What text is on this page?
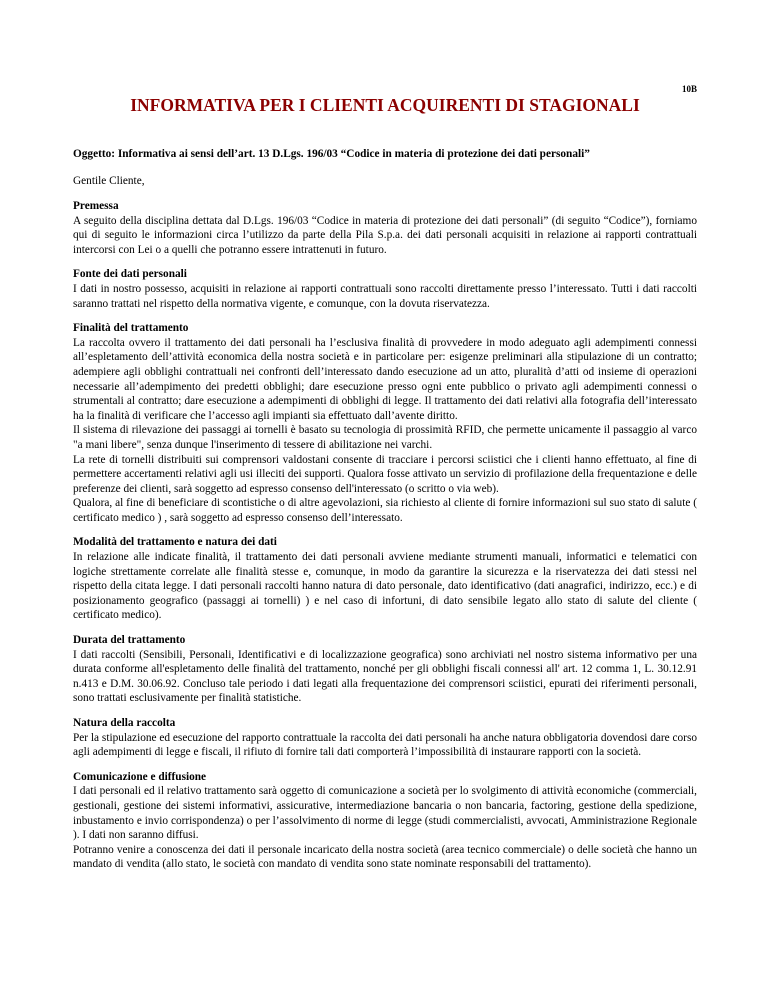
10B
INFORMATIVA PER I CLIENTI ACQUIRENTI DI STAGIONALI

Oggetto: Informativa ai sensi dell’art. 13 D.Lgs. 196/03 “Codice in materia di protezione dei dati personali”

Gentile Cliente,

Premessa

A seguito della disciplina dettata dal D.Lgs. 196/03 “Codice in materia di protezione dei dati personali” (di seguito “Codice”), forniamo qui di seguito le informazioni circa l’utilizzo da parte della Pila S.p.a. dei dati personali acquisiti in relazione ai rapporti contrattuali intercorsi con Lei o a quelli che potranno essere intrattenuti in futuro.

Fonte dei dati personali

I dati in nostro possesso, acquisiti in relazione ai rapporti contrattuali sono raccolti direttamente presso l’interessato. Tutti i dati raccolti saranno trattati nel rispetto della normativa vigente, e comunque, con la dovuta riservatezza.

Finalità del trattamento

La raccolta ovvero il trattamento dei dati personali ha l’esclusiva finalità di provvedere in modo adeguato agli adempimenti connessi all’espletamento dell’attività economica della nostra società e in particolare per: esigenze preliminari alla stipulazione di un contratto; adempiere agli obblighi contrattuali nei confronti dell’interessato dando esecuzione ad un atto, pluralità d’atti od insieme di operazioni necessarie all’adempimento dei predetti obblighi; dare esecuzione presso ogni ente pubblico o privato agli adempimenti connessi o strumentali al contratto; dare esecuzione a adempimenti di obblighi di legge. Il trattamento dei dati relativi alla fotografia dell’interessato ha la finalità di verificare che l’accesso agli impianti sia effettuato dall’avente diritto.

Il sistema di rilevazione dei passaggi ai tornelli è basato su tecnologia di prossimità RFID, che permette unicamente il passaggio al varco "a mani libere", senza dunque l'inserimento di tessere di abilitazione nei varchi.

La rete di tornelli distribuiti sui comprensori valdostani consente di tracciare i percorsi sciistici che i clienti hanno effettuato, al fine di permettere accertamenti relativi agli usi illeciti dei supporti. Qualora fosse attivato un servizio di profilazione della frequentazione e delle preferenze dei clienti, sarà soggetto ad espresso consenso dell'interessato (o scritto o via web).

Qualora, al fine di beneficiare di scontistiche o di altre agevolazioni, sia richiesto al cliente di fornire informazioni sul suo stato di salute ( certificato medico ) , sarà soggetto ad espresso consenso dell’interessato.

Modalità del trattamento e natura dei dati

In relazione alle indicate finalità, il trattamento dei dati personali avviene mediante strumenti manuali, informatici e telematici con logiche strettamente correlate alle finalità stesse e, comunque, in modo da garantire la sicurezza e la riservatezza dei dati stessi nel rispetto della citata legge. I dati personali raccolti hanno natura di dato personale, dato identificativo (dati anagrafici, indirizzo, ecc.) e di posizionamento geografico (passaggi ai tornelli) ) e nel caso di infortuni, di dato sensibile legato allo stato di salute del cliente ( certificato medico).

Durata del trattamento

I dati raccolti (Sensibili, Personali, Identificativi e di localizzazione geografica) sono archiviati nel nostro sistema informativo per una durata conforme all'espletamento delle finalità del trattamento, nonché per gli obblighi fiscali connessi all' art. 12 comma 1, L. 30.12.91 n.413 e D.M. 30.06.92. Concluso tale periodo i dati legati alla frequentazione dei comprensori sciistici, epurati dei riferimenti personali, sono trattati esclusivamente per finalità statistiche.

Natura della raccolta

Per la stipulazione ed esecuzione del rapporto contrattuale la raccolta dei dati personali ha anche natura obbligatoria dovendosi dare corso agli adempimenti di legge e fiscali, il rifiuto di fornire tali dati comporterà l’impossibilità di instaurare rapporti con la società.

Comunicazione e diffusione

I dati personali ed il relativo trattamento sarà oggetto di comunicazione a società per lo svolgimento di attività economiche (commerciali, gestionali, gestione dei sistemi informativi, assicurative, intermediazione bancaria o non bancaria, factoring, gestione della spedizione, inbustamento e invio corrispondenza) o per l’assolvimento di norme di legge (studi commercialisti, avvocati, Amministrazione Regionale ). I dati non saranno diffusi.

Potranno venire a conoscenza dei dati il personale incaricato della nostra società (area tecnico commerciale) o delle società che hanno un mandato di vendita (allo stato, le società con mandato di vendita sono state nominate responsabili del trattamento).
